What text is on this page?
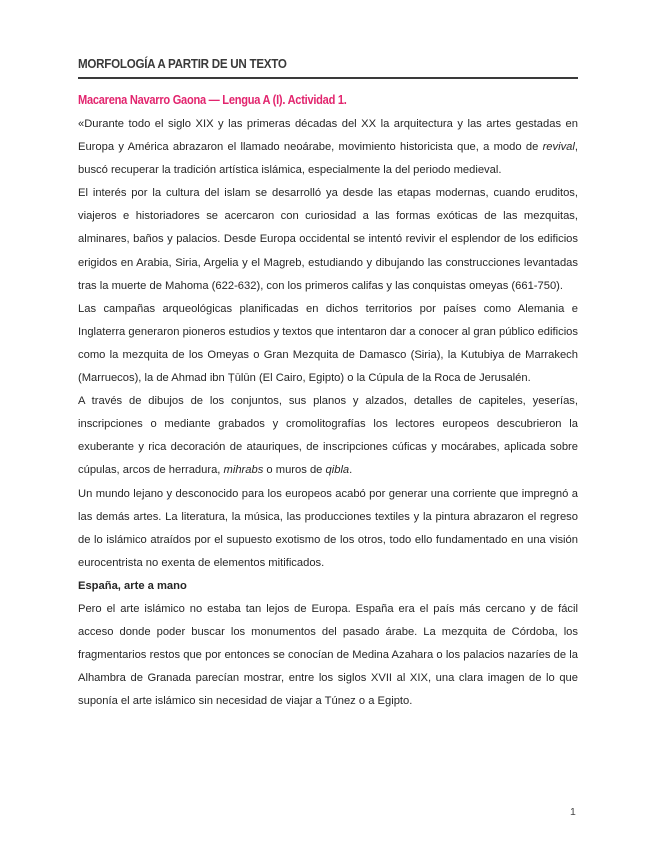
MORFOLOGÍA A PARTIR DE UN TEXTO
Macarena Navarro Gaona — Lengua A (I). Actividad 1.

«Durante todo el siglo XIX y las primeras décadas del XX la arquitectura y las artes gestadas en Europa y América abrazaron el llamado neoárabe, movimiento historicista que, a modo de revival, buscó recuperar la tradición artística islámica, especialmente la del periodo medieval.

El interés por la cultura del islam se desarrolló ya desde las etapas modernas, cuando eruditos, viajeros e historiadores se acercaron con curiosidad a las formas exóticas de las mezquitas, alminares, baños y palacios. Desde Europa occidental se intentó revivir el esplendor de los edificios erigidos en Arabia, Siria, Argelia y el Magreb, estudiando y dibujando las construcciones levantadas tras la muerte de Mahoma (622-632), con los primeros califas y las conquistas omeyas (661-750).

Las campañas arqueológicas planificadas en dichos territorios por países como Alemania e Inglaterra generaron pioneros estudios y textos que intentaron dar a conocer al gran público edificios como la mezquita de los Omeyas o Gran Mezquita de Damasco (Siria), la Kutubiya de Marrakech (Marruecos), la de Ahmad ibn Ṭūlūn (El Cairo, Egipto) o la Cúpula de la Roca de Jerusalén.

A través de dibujos de los conjuntos, sus planos y alzados, detalles de capiteles, yeserías, inscripciones o mediante grabados y cromolitografías los lectores europeos descubrieron la exuberante y rica decoración de atauriques, de inscripciones cúficas y mocárabes, aplicada sobre cúpulas, arcos de herradura, mihrabs o muros de qibla.

Un mundo lejano y desconocido para los europeos acabó por generar una corriente que impregnó a las demás artes. La literatura, la música, las producciones textiles y la pintura abrazaron el regreso de lo islámico atraídos por el supuesto exotismo de los otros, todo ello fundamentado en una visión eurocentrista no exenta de elementos mitificados.

España, arte a mano

Pero el arte islámico no estaba tan lejos de Europa. España era el país más cercano y de fácil acceso donde poder buscar los monumentos del pasado árabe. La mezquita de Córdoba, los fragmentarios restos que por entonces se conocían de Medina Azahara o los palacios nazaríes de la Alhambra de Granada parecían mostrar, entre los siglos XVII al XIX, una clara imagen de lo que suponía el arte islámico sin necesidad de viajar a Túnez o a Egipto.

1
